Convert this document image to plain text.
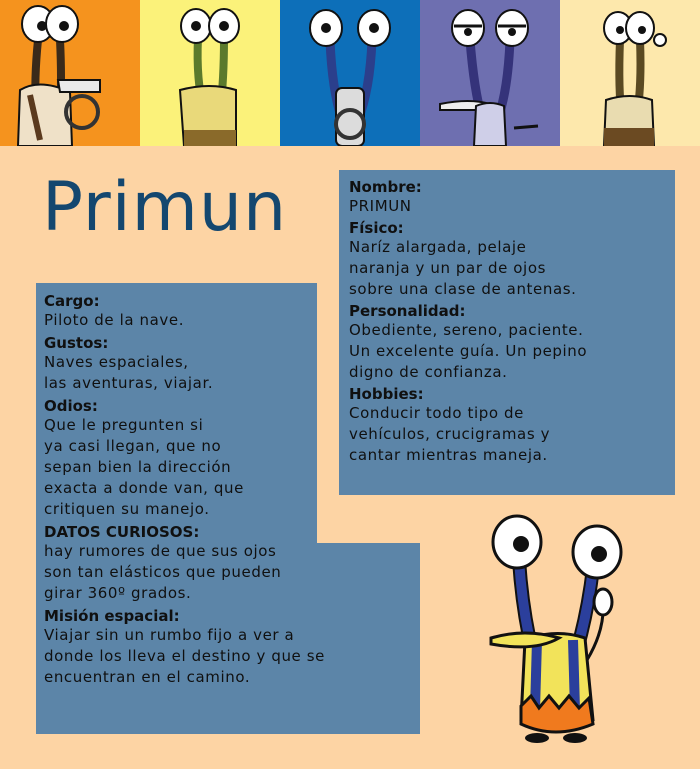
Primun	Nombre:
PRIMUN
Físico:
Naríz alargada, pelaje
naranja y un par de ojos
sobre una clase de antenas.
Personalidad:
Obediente, sereno, paciente.
Un excelente guía. Un pepino
digno de confianza.
Hobbies:
Conducir todo tipo de
vehículos, crucigramas y
cantar mientras maneja.
Cargo:
Piloto de la nave.
Gustos:
Naves espaciales,
las aventuras, viajar.
Odios:
Que le pregunten si
ya casi llegan, que no
sepan bien la dirección
exacta a donde van, que
critiquen su manejo.
DATOS CURIOSOS:
hay rumores de que sus ojos
son tan elásticos que pueden
girar 360º grados.
Misión espacial:
Viajar sin un rumbo fijo a ver a
donde los lleva el destino y que se
encuentran en el camino.
